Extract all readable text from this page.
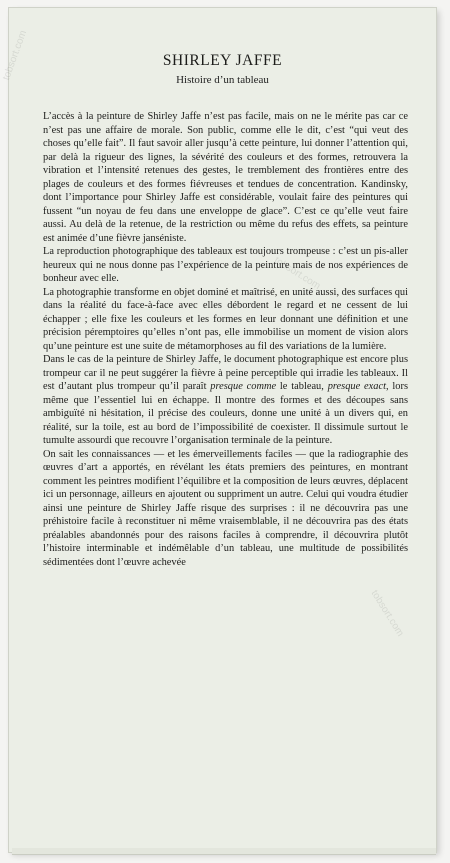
SHIRLEY JAFFE
Histoire d’un tableau

L’accès à la peinture de Shirley Jaffe n’est pas facile, mais on ne le mérite pas car ce n’est pas une affaire de morale. Son public, comme elle le dit, c’est “qui veut des choses qu’elle fait”. Il faut savoir aller jusqu’à cette peinture, lui donner l’attention qui, par delà la rigueur des lignes, la sévérité des couleurs et des formes, retrouvera la vibration et l’intensité retenues des gestes, le tremblement des frontières entre des plages de couleurs et des formes fiévreuses et tendues de concentration. Kandinsky, dont l’importance pour Shirley Jaffe est considérable, voulait faire des peintures qui fussent “un noyau de feu dans une enveloppe de glace”. C’est ce qu’elle veut faire aussi. Au delà de la retenue, de la restriction ou même du refus des effets, sa peinture est animée d’une fièvre janséniste.

La reproduction photographique des tableaux est toujours trompeuse : c’est un pis-aller heureux qui ne nous donne pas l’expérience de la peinture mais de nos expériences de bonheur avec elle.

La photographie transforme en objet dominé et maîtrisé, en unité aussi, des surfaces qui dans la réalité du face-à-face avec elles débordent le regard et ne cessent de lui échapper ; elle fixe les couleurs et les formes en leur donnant une définition et une précision péremptoires qu’elles n’ont pas, elle immobilise un moment de vision alors qu’une peinture est une suite de métamorphoses au fil des variations de la lumière.

Dans le cas de la peinture de Shirley Jaffe, le document photographique est encore plus trompeur car il ne peut suggérer la fièvre à peine perceptible qui irradie les tableaux. Il est d’autant plus trompeur qu’il paraît presque comme le tableau, presque exact, lors même que l’essentiel lui en échappe. Il montre des formes et des découpes sans ambiguïté ni hésitation, il précise des couleurs, donne une unité à un divers qui, en réalité, sur la toile, est au bord de l’impossibilité de coexister. Il dissimule surtout le tumulte assourdi que recouvre l’organisation terminale de la peinture.

On sait les connaissances — et les émerveillements faciles — que la radiographie des œuvres d’art a apportés, en révélant les états premiers des peintures, en montrant comment les peintres modifient l’équilibre et la composition de leurs œuvres, déplacent ici un personnage, ailleurs en ajoutent ou suppriment un autre. Celui qui voudra étudier ainsi une peinture de Shirley Jaffe risque des surprises : il ne découvrira pas une préhistoire facile à reconstituer ni même vraisemblable, il ne découvrira pas des états préalables abandonnés pour des raisons faciles à comprendre, il découvrira plutôt l’histoire interminable et indémêlable d’un tableau, une multitude de possibilités sédimentées dont l’œuvre achevée

tobsort.com
tobsort.com
tobsort.com
